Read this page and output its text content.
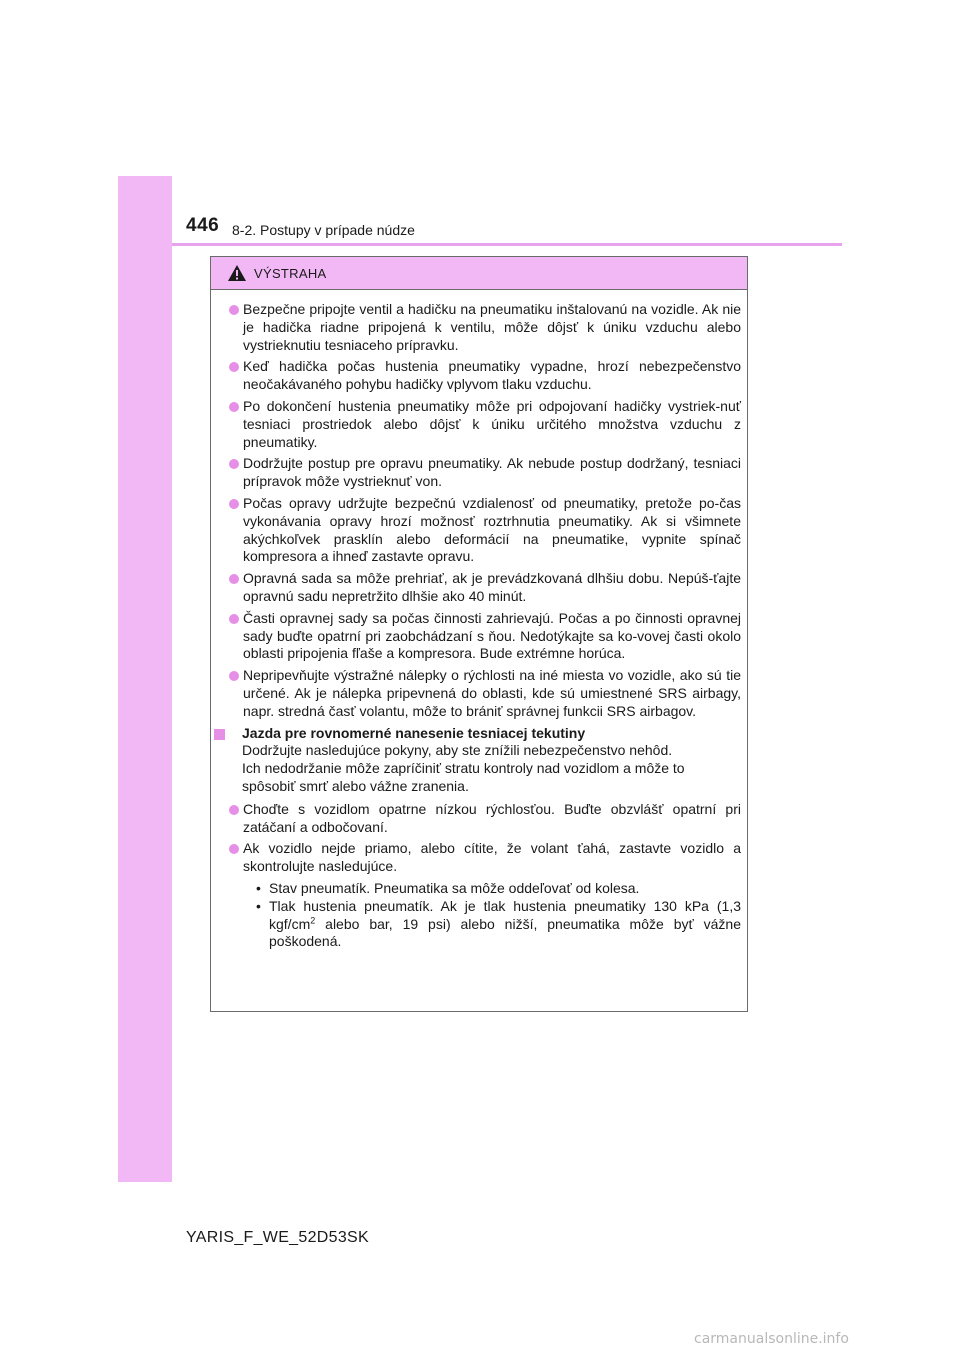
446 8-2. Postupy v prípade núdze
VÝSTRAHA
Bezpečne pripojte ventil a hadičku na pneumatiku inštalovanú na vozidle. Ak nie je hadička riadne pripojená k ventilu, môže dôjsť k úniku vzduchu alebo vystrieknutiu tesniaceho prípravku.
Keď hadička počas hustenia pneumatiky vypadne, hrozí nebezpečenstvo neočakávaného pohybu hadičky vplyvom tlaku vzduchu.
Po dokončení hustenia pneumatiky môže pri odpojovaní hadičky vystriek-nuť tesniaci prostriedok alebo dôjsť k úniku určitého množstva vzduchu z pneumatiky.
Dodržujte postup pre opravu pneumatiky. Ak nebude postup dodržaný, tesniaci prípravok môže vystrieknuť von.
Počas opravy udržujte bezpečnú vzdialenosť od pneumatiky, pretože po-čas vykonávania opravy hrozí možnosť roztrhnutia pneumatiky. Ak si všimnete akýchkoľvek prasklín alebo deformácií na pneumatike, vypnite spínač kompresora a ihneď zastavte opravu.
Opravná sada sa môže prehriať, ak je prevádzkovaná dlhšiu dobu. Nepúš-ťajte opravnú sadu nepretržito dlhšie ako 40 minút.
Časti opravnej sady sa počas činnosti zahrievajú. Počas a po činnosti opravnej sady buďte opatrní pri zaobchádzaní s ňou. Nedotýkajte sa ko-vovej časti okolo oblasti pripojenia fľaše a kompresora. Bude extrémne horúca.
Nepripevňujte výstražné nálepky o rýchlosti na iné miesta vo vozidle, ako sú tie určené. Ak je nálepka pripevnená do oblasti, kde sú umiestnené SRS airbagy, napr. stredná časť volantu, môže to brániť správnej funkcii SRS airbagov.
Jazda pre rovnomerné nanesenie tesniacej tekutiny
Dodržujte nasledujúce pokyny, aby ste znížili nebezpečenstvo nehôd.
Ich nedodržanie môže zapríčiniť stratu kontroly nad vozidlom a môže to spôsobiť smrť alebo vážne zranenia.
Choďte s vozidlom opatrne nízkou rýchlosťou. Buďte obzvlášť opatrní pri zatáčaní a odbočovaní.
Ak vozidlo nejde priamo, alebo cítite, že volant ťahá, zastavte vozidlo a skontrolujte nasledujúce.
• Stav pneumatík. Pneumatika sa môže oddeľovať od kolesa.
• Tlak hustenia pneumatík. Ak je tlak hustenia pneumatiky 130 kPa (1,3 kgf/$cm^2$ alebo bar, 19 psi) alebo nižší, pneumatika môže byť vážne poškodená.
YARIS_F_WE_52D53SK
carmanualsonline.info
